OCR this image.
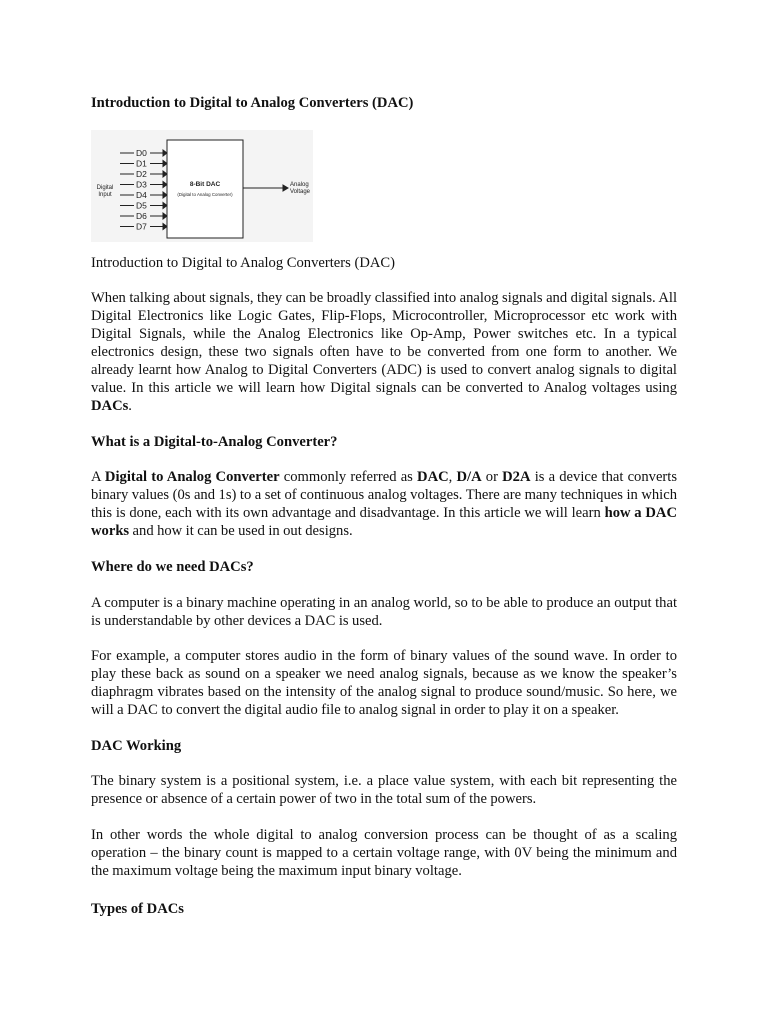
Introduction to Digital to Analog Converters (DAC)
D0
D1
D2
D3
D4
D5
D6
D7
Digital
Input
8-Bit DAC
(Digital to Analog Converter)
Analog
Voltage
Introduction to Digital to Analog Converters (DAC)
When talking about signals, they can be broadly classified into analog signals and digital signals. All Digital Electronics like Logic Gates, Flip-Flops, Microcontroller, Microprocessor etc work with Digital Signals, while the Analog Electronics like Op-Amp, Power switches etc. In a typical electronics design, these two signals often have to be converted from one form to another. We already learnt how Analog to Digital Converters (ADC) is used to convert analog signals to digital value. In this article we will learn how Digital signals can be converted to Analog voltages using DACs.
What is a Digital-to-Analog Converter?
A Digital to Analog Converter commonly referred as DAC, D/A or D2A is a device that converts binary values (0s and 1s) to a set of continuous analog voltages. There are many techniques in which this is done, each with its own advantage and disadvantage. In this article we will learn how a DAC works and how it can be used in out designs.
Where do we need DACs?
A computer is a binary machine operating in an analog world, so to be able to produce an output that is understandable by other devices a DAC is used.
For example, a computer stores audio in the form of binary values of the sound wave. In order to play these back as sound on a speaker we need analog signals, because as we know the speaker’s diaphragm vibrates based on the intensity of the analog signal to produce sound/music. So here, we will a DAC to convert the digital audio file to analog signal in order to play it on a speaker.
DAC Working
The binary system is a positional system, i.e. a place value system, with each bit representing the presence or absence of a certain power of two in the total sum of the powers.
In other words the whole digital to analog conversion process can be thought of as a scaling operation – the binary count is mapped to a certain voltage range, with 0V being the minimum and the maximum voltage being the maximum input binary voltage.
Types of DACs
